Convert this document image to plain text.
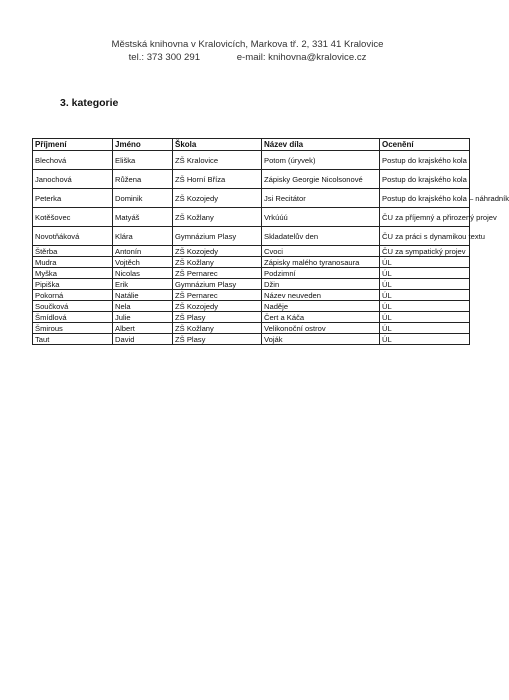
Městská knihovna v Kralovicích, Markova tř. 2, 331 41 Kralovice
tel.: 373 300 291	e-mail: knihovna@kralovice.cz
3. kategorie
Příjmení	Jméno	Škola	Název díla	Ocenění
Blechová	Eliška	ZŠ Kralovice	Potom (úryvek)	Postup do krajského kola
Janochová	Růžena	ZŠ Horní Bříza	Zápisky Georgie Nicolsonové	Postup do krajského kola
Peterka	Dominik	ZŠ Kozojedy	Jsi Recitátor	Postup do krajského kola – náhradník
Kotěšovec	Matyáš	ZŠ Kožlany	Vrkúúú	ČU za příjemný a přirozený projev
Novotňáková	Klára	Gymnázium Plasy	Skladatelův den	ČU za práci s dynamikou textu
Štěrba	Antonín	ZŠ Kozojedy	Cvoci	ČU za sympatický projev
Mudra	Vojtěch	ZŠ Kožlany	Zápisky malého tyranosaura	ÚL
Myška	Nicolas	ZŠ Pernarec	Podzimní	ÚL
Pipiška	Erik	Gymnázium Plasy	Džin	ÚL
Pokorná	Natálie	ZŠ Pernarec	Název neuveden	ÚL
Součková	Nela	ZŠ Kozojedy	Naděje	ÚL
Šmídlová	Julie	ZŠ Plasy	Čert a Káča	ÚL
Šmirous	Albert	ZŠ Kožlany	Velikonoční ostrov	ÚL
Taut	David	ZŠ Plasy	Voják	ÚL
